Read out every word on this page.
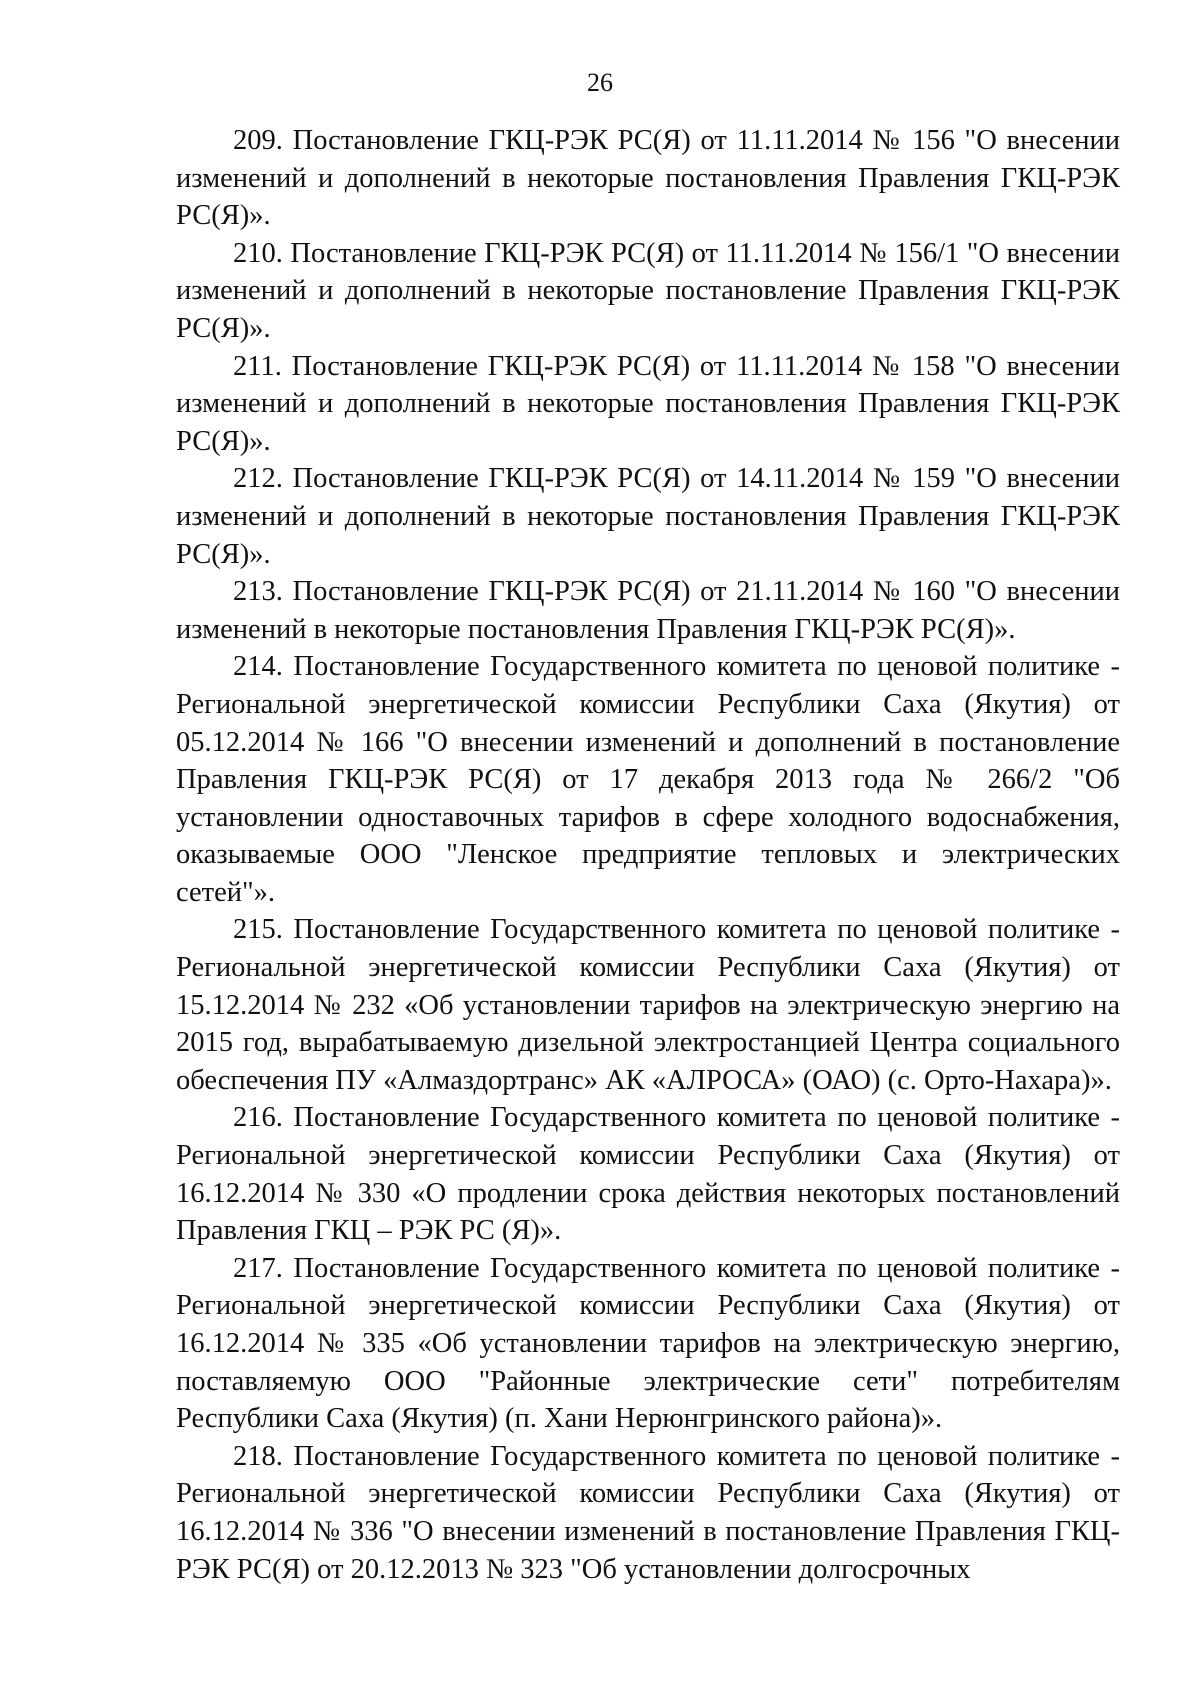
26

209. Постановление ГКЦ-РЭК РС(Я) от 11.11.2014 № 156 "О внесении изменений и дополнений в некоторые постановления Правления ГКЦ-РЭК РС(Я)».

210. Постановление ГКЦ-РЭК РС(Я) от 11.11.2014 № 156/1 "О внесении изменений и дополнений в некоторые постановление Правления ГКЦ-РЭК РС(Я)».

211. Постановление ГКЦ-РЭК РС(Я) от 11.11.2014 № 158 "О внесении изменений и дополнений в некоторые постановления Правления ГКЦ-РЭК РС(Я)».

212. Постановление ГКЦ-РЭК РС(Я) от 14.11.2014 № 159 "О внесении изменений и дополнений в некоторые постановления Правления ГКЦ-РЭК РС(Я)».

213. Постановление ГКЦ-РЭК РС(Я) от 21.11.2014 № 160 "О внесении изменений в некоторые постановления Правления ГКЦ-РЭК РС(Я)».

214. Постановление Государственного комитета по ценовой политике - Региональной энергетической комиссии Республики Саха (Якутия) от 05.12.2014 № 166 "О внесении изменений и дополнений в постановление Правления ГКЦ-РЭК РС(Я) от 17 декабря 2013 года № 266/2 "Об установлении одноставочных тарифов в сфере холодного водоснабжения, оказываемые ООО "Ленское предприятие тепловых и электрических сетей"».

215. Постановление Государственного комитета по ценовой политике - Региональной энергетической комиссии Республики Саха (Якутия) от 15.12.2014 № 232 «Об установлении тарифов на электрическую энергию на 2015 год, вырабатываемую дизельной электростанцией Центра социального обеспечения ПУ «Алмаздортранс» АК «АЛРОСА» (ОАО) (с. Орто-Нахара)».

216. Постановление Государственного комитета по ценовой политике - Региональной энергетической комиссии Республики Саха (Якутия) от 16.12.2014 № 330 «О продлении срока действия некоторых постановлений Правления ГКЦ – РЭК РС (Я)».

217. Постановление Государственного комитета по ценовой политике - Региональной энергетической комиссии Республики Саха (Якутия) от 16.12.2014 № 335 «Об установлении тарифов на электрическую энергию, поставляемую ООО "Районные электрические сети" потребителям Республики Саха (Якутия) (п. Хани Нерюнгринского района)».

218. Постановление Государственного комитета по ценовой политике - Региональной энергетической комиссии Республики Саха (Якутия) от 16.12.2014 № 336 "О внесении изменений в постановление Правления ГКЦ-РЭК РС(Я) от 20.12.2013 № 323 "Об установлении долгосрочных
